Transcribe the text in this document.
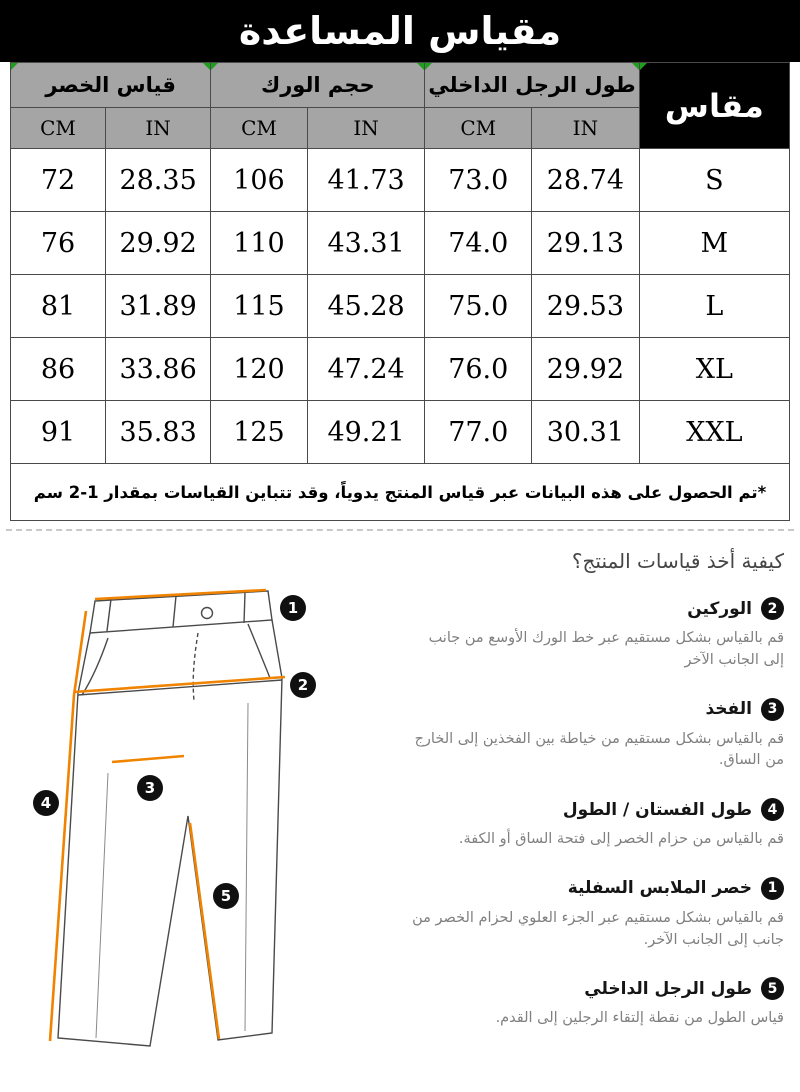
مقياس المساعدة
قياس الخصر		حجم الورك		طول الرجل الداخلي		مقاس
CM	IN	CM	IN	CM	IN	
72	28.35	106	41.73	73.0	28.74	S
76	29.92	110	43.31	74.0	29.13	M
81	31.89	115	45.28	75.0	29.53	L
86	33.86	120	47.24	76.0	29.92	XL
91	35.83	125	49.21	77.0	30.31	XXL
*تم الحصول على هذه البيانات عبر قياس المنتج يدوياً، وقد تتباين القياسات بمقدار 1-2 سم
كيفية أخذ قياسات المنتج؟
1
2
3
4
5
2
الوركين
قم بالقياس بشكل مستقيم عبر خط الورك الأوسع من جانب إلى الجانب الآخر
3
الفخذ
قم بالقياس بشكل مستقيم من خياطة بين الفخذين إلى الخارج من الساق.
4
طول الفستان / الطول
قم بالقياس من حزام الخصر إلى فتحة الساق أو الكفة.
1
خصر الملابس السفلية
قم بالقياس بشكل مستقيم عبر الجزء العلوي لحزام الخصر من جانب إلى الجانب الآخر.
5
طول الرجل الداخلي
قياس الطول من نقطة إلتقاء الرجلين إلى القدم.
